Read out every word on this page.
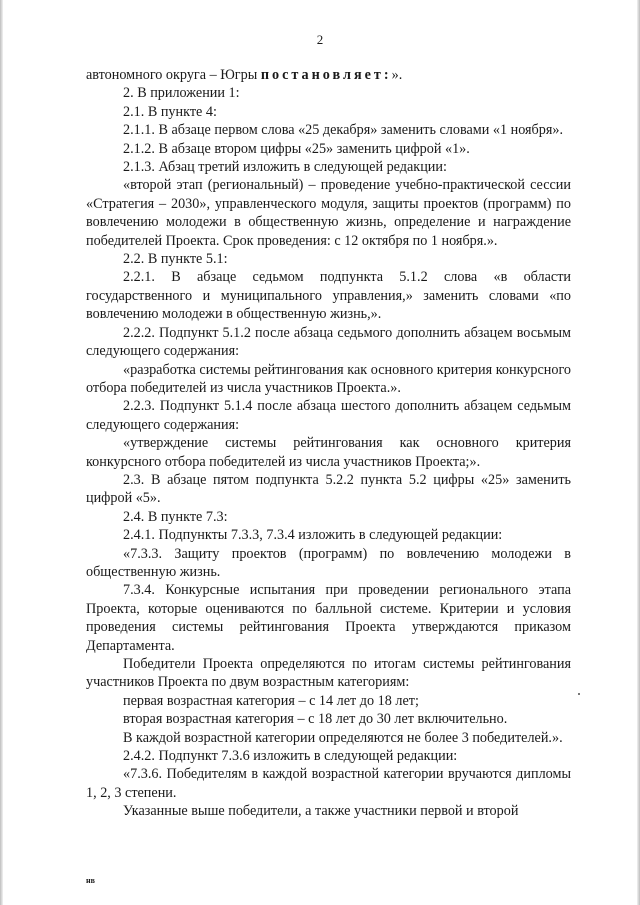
2

автономного округа – Югры постановляет:».

2. В приложении 1:

2.1. В пункте 4:

2.1.1. В абзаце первом слова «25 декабря» заменить словами «1 ноября».

2.1.2. В абзаце втором цифры «25» заменить цифрой «1».

2.1.3. Абзац третий изложить в следующей редакции:

«второй этап (региональный) – проведение учебно-практической сессии «Стратегия – 2030», управленческого модуля, защиты проектов (программ) по вовлечению молодежи в общественную жизнь, определение и награждение победителей Проекта. Срок проведения: с 12 октября по 1 ноября.».

2.2. В пункте 5.1:

2.2.1. В абзаце седьмом подпункта 5.1.2 слова «в области государственного и муниципального управления,» заменить словами «по вовлечению молодежи в общественную жизнь,».

2.2.2. Подпункт 5.1.2 после абзаца седьмого дополнить абзацем восьмым следующего содержания:

«разработка системы рейтингования как основного критерия конкурсного отбора победителей из числа участников Проекта.».

2.2.3. Подпункт 5.1.4 после абзаца шестого дополнить абзацем седьмым следующего содержания:

«утверждение системы рейтингования как основного критерия конкурсного отбора победителей из числа участников Проекта;».

2.3. В абзаце пятом подпункта 5.2.2 пункта 5.2 цифры «25» заменить цифрой «5».

2.4. В пункте 7.3:

2.4.1. Подпункты 7.3.3, 7.3.4 изложить в следующей редакции:

«7.3.3. Защиту проектов (программ) по вовлечению молодежи в общественную жизнь.

7.3.4. Конкурсные испытания при проведении регионального этапа Проекта, которые оцениваются по балльной системе. Критерии и условия проведения системы рейтингования Проекта утверждаются приказом Департамента.

Победители Проекта определяются по итогам системы рейтингования участников Проекта по двум возрастным категориям:

первая возрастная категория – с 14 лет до 18 лет;

вторая возрастная категория – с 18 лет до 30 лет включительно.

В каждой возрастной категории определяются не более 3 победителей.».

2.4.2. Подпункт 7.3.6 изложить в следующей редакции:

«7.3.6. Победителям в каждой возрастной категории вручаются дипломы 1, 2, 3 степени.

Указанные выше победители, а также участники первой и второй

нв
